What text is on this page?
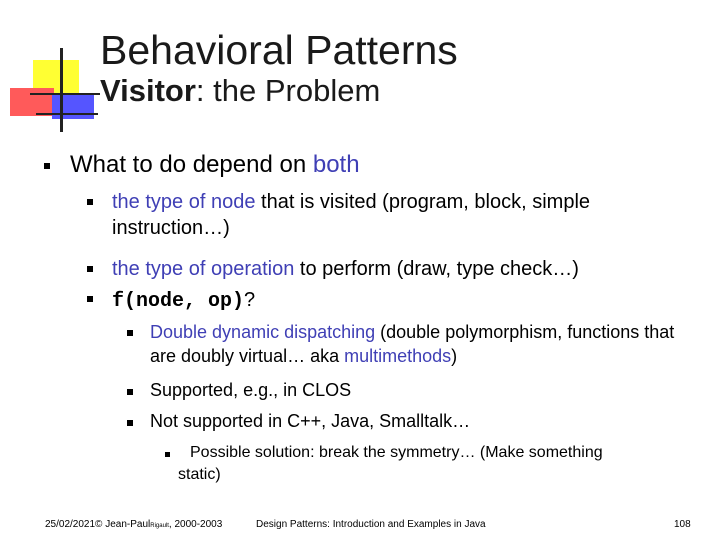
Behavioral Patterns
Visitor: the Problem
What to do depend on both
the type of node that is visited (program, block, simple instruction…)
the type of operation to perform (draw, type check…)
f(node, op)?
Double dynamic dispatching (double polymorphism, functions that are doubly virtual… aka multimethods)
Supported, e.g., in CLOS
Not supported in C++, Java, Smalltalk…
Possible solution: break the symmetry… (Make something static)
25/02/2021© Jean-PaulRigault, 2000-2003	Design Patterns: Introduction and Examples in Java	108
